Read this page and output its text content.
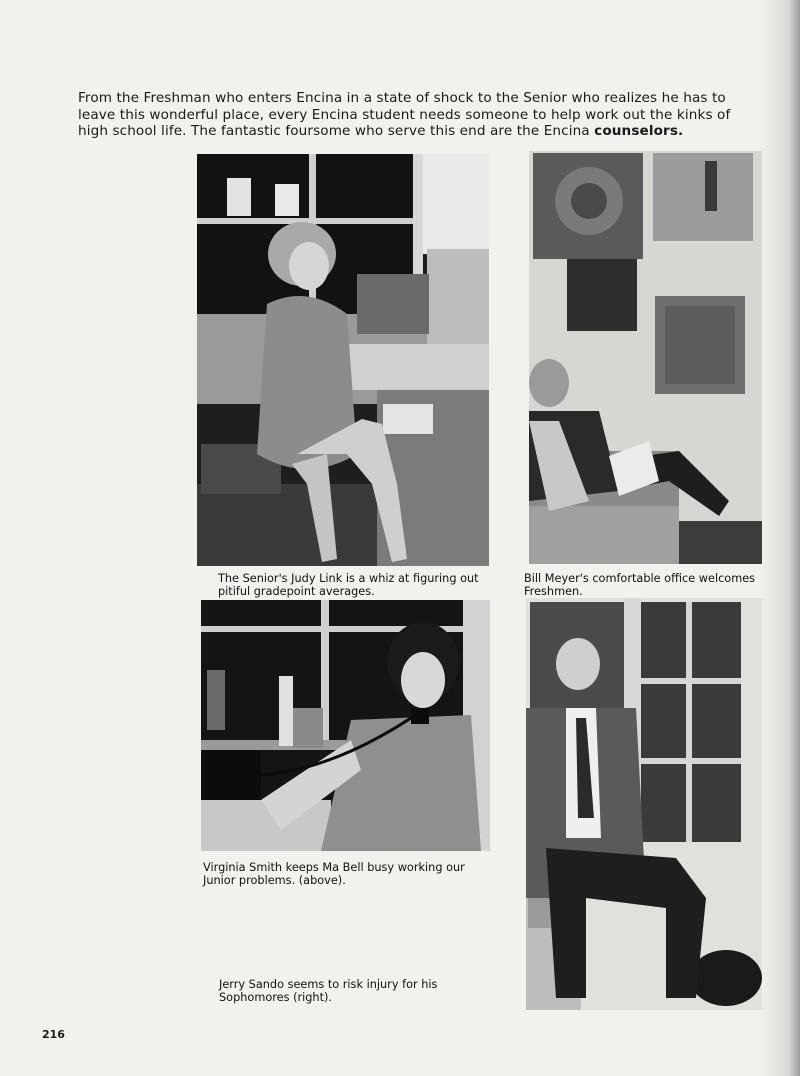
From the Freshman who enters Encina in a state of shock to the Senior who realizes he has to leave this wonderful place, every Encina student needs someone to help work out the kinks of high school life. The fantastic foursome who serve this end are the Encina counselors.

The Senior's Judy Link is a whiz at figuring out pitiful gradepoint averages.

Bill Meyer's comfortable office welcomes Freshmen.

Virginia Smith keeps Ma Bell busy working our Junior problems. (above).

Jerry Sando seems to risk injury for his Sophomores (right).

216
